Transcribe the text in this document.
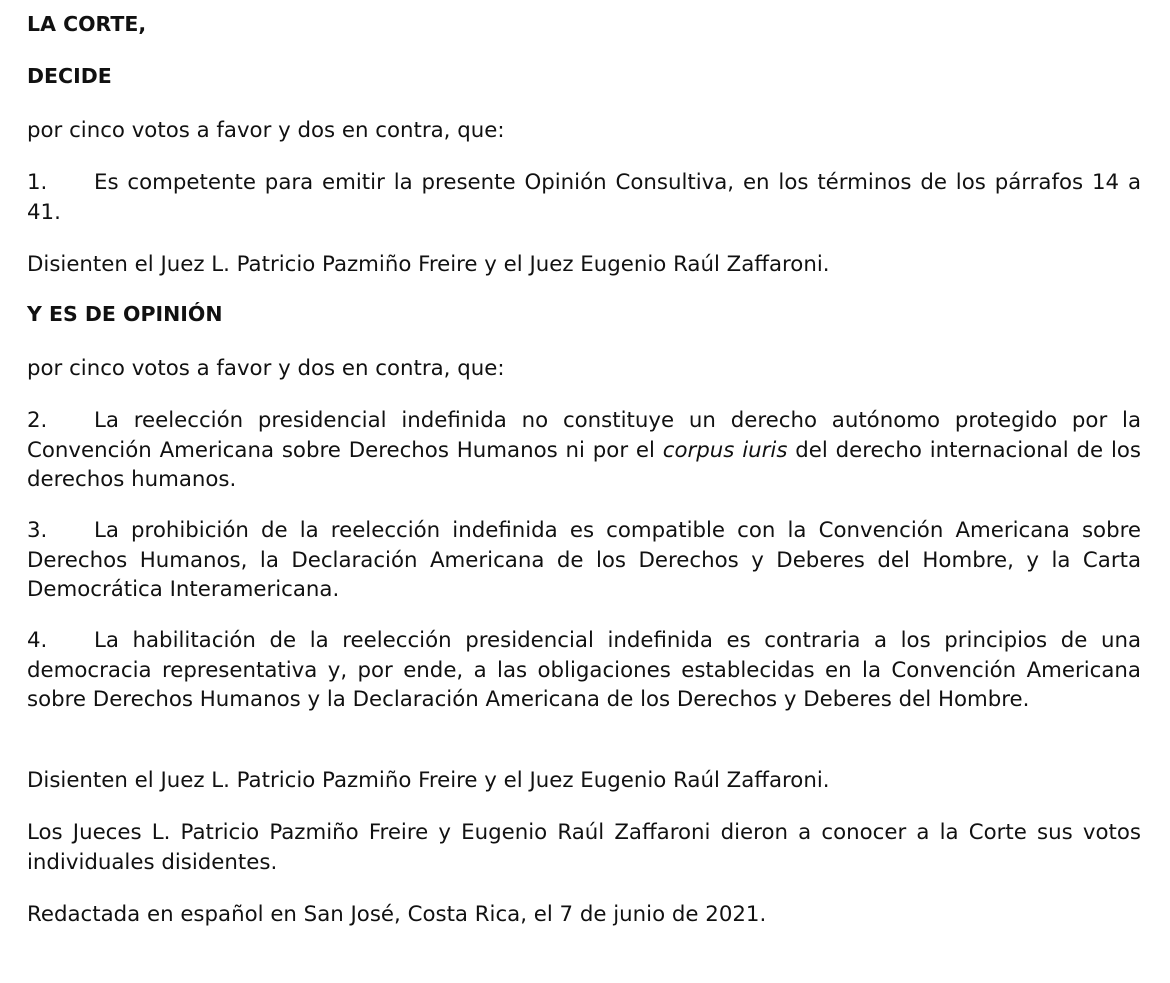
LA CORTE,

DECIDE

por cinco votos a favor y dos en contra, que:

1. Es competente para emitir la presente Opinión Consultiva, en los términos de los párrafos 14 a 41.

Disienten el Juez L. Patricio Pazmiño Freire y el Juez Eugenio Raúl Zaffaroni.

Y ES DE OPINIÓN

por cinco votos a favor y dos en contra, que:

2. La reelección presidencial indefinida no constituye un derecho autónomo protegido por la Convención Americana sobre Derechos Humanos ni por el corpus iuris del derecho internacional de los derechos humanos.

3. La prohibición de la reelección indefinida es compatible con la Convención Americana sobre Derechos Humanos, la Declaración Americana de los Derechos y Deberes del Hombre, y la Carta Democrática Interamericana.

4. La habilitación de la reelección presidencial indefinida es contraria a los principios de una democracia representativa y, por ende, a las obligaciones establecidas en la Convención Americana sobre Derechos Humanos y la Declaración Americana de los Derechos y Deberes del Hombre.

Disienten el Juez L. Patricio Pazmiño Freire y el Juez Eugenio Raúl Zaffaroni.

Los Jueces L. Patricio Pazmiño Freire y Eugenio Raúl Zaffaroni dieron a conocer a la Corte sus votos individuales disidentes.

Redactada en español en San José, Costa Rica, el 7 de junio de 2021.
